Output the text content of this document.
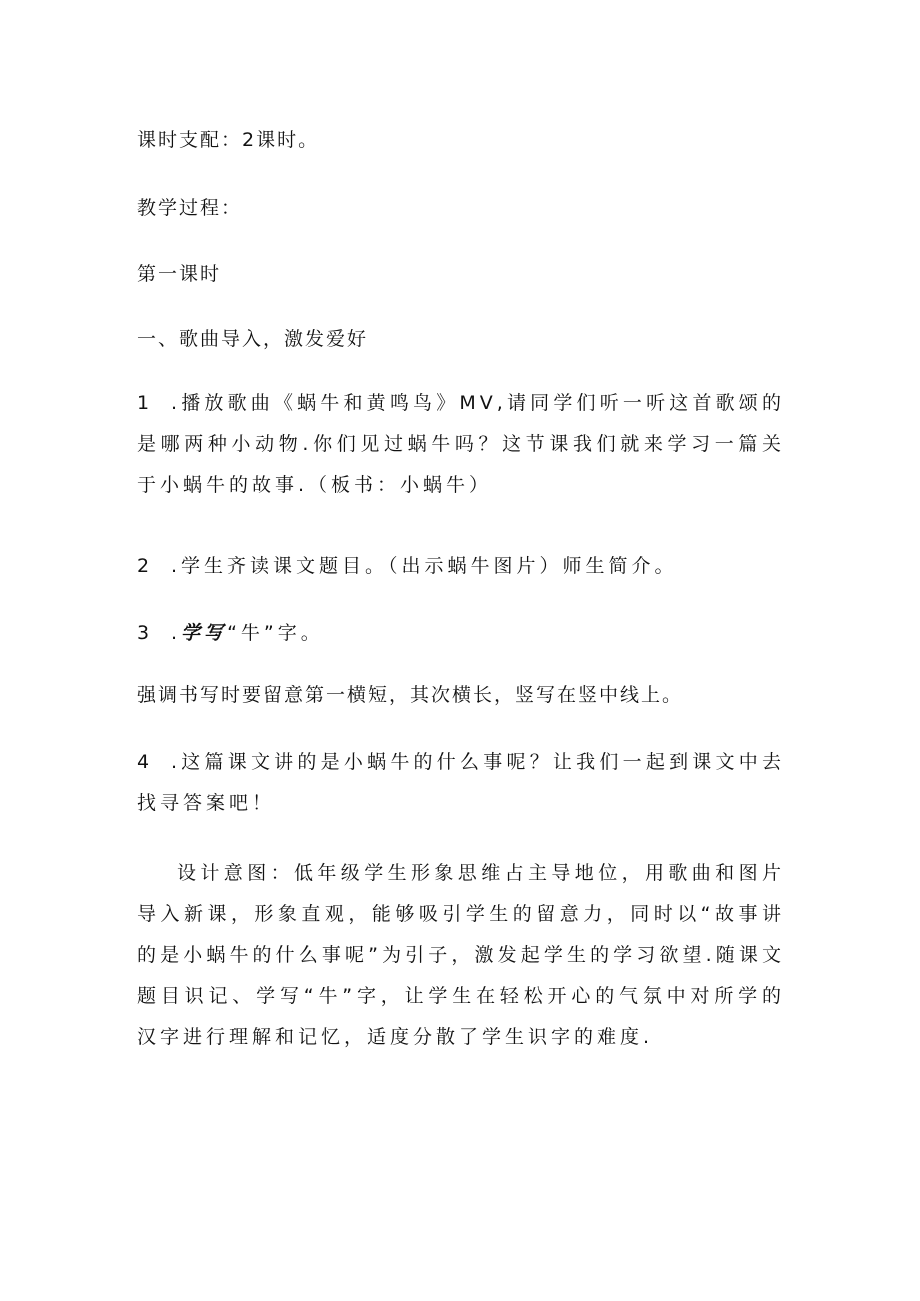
课时支配：2课时。
教学过程：
第一课时
一、歌曲导入，激发爱好
1 .播放歌曲《蜗牛和黄鸣鸟》MV,请同学们听一听这首歌颂的是哪两种小动物.你们见过蜗牛吗？这节课我们就来学习一篇关于小蜗牛的故事.（板书：小蜗牛）
2 .学生齐读课文题目。（出示蜗牛图片）师生简介。
3 .学写“牛”字。
强调书写时要留意第一横短，其次横长，竖写在竖中线上。
4 .这篇课文讲的是小蜗牛的什么事呢？让我们一起到课文中去找寻答案吧！
设计意图：低年级学生形象思维占主导地位，用歌曲和图片导入新课，形象直观，能够吸引学生的留意力，同时以“故事讲的是小蜗牛的什么事呢”为引子，激发起学生的学习欲望.随课文题目识记、学写“牛”字，让学生在轻松开心的气氛中对所学的汉字进行理解和记忆，适度分散了学生识字的难度.
